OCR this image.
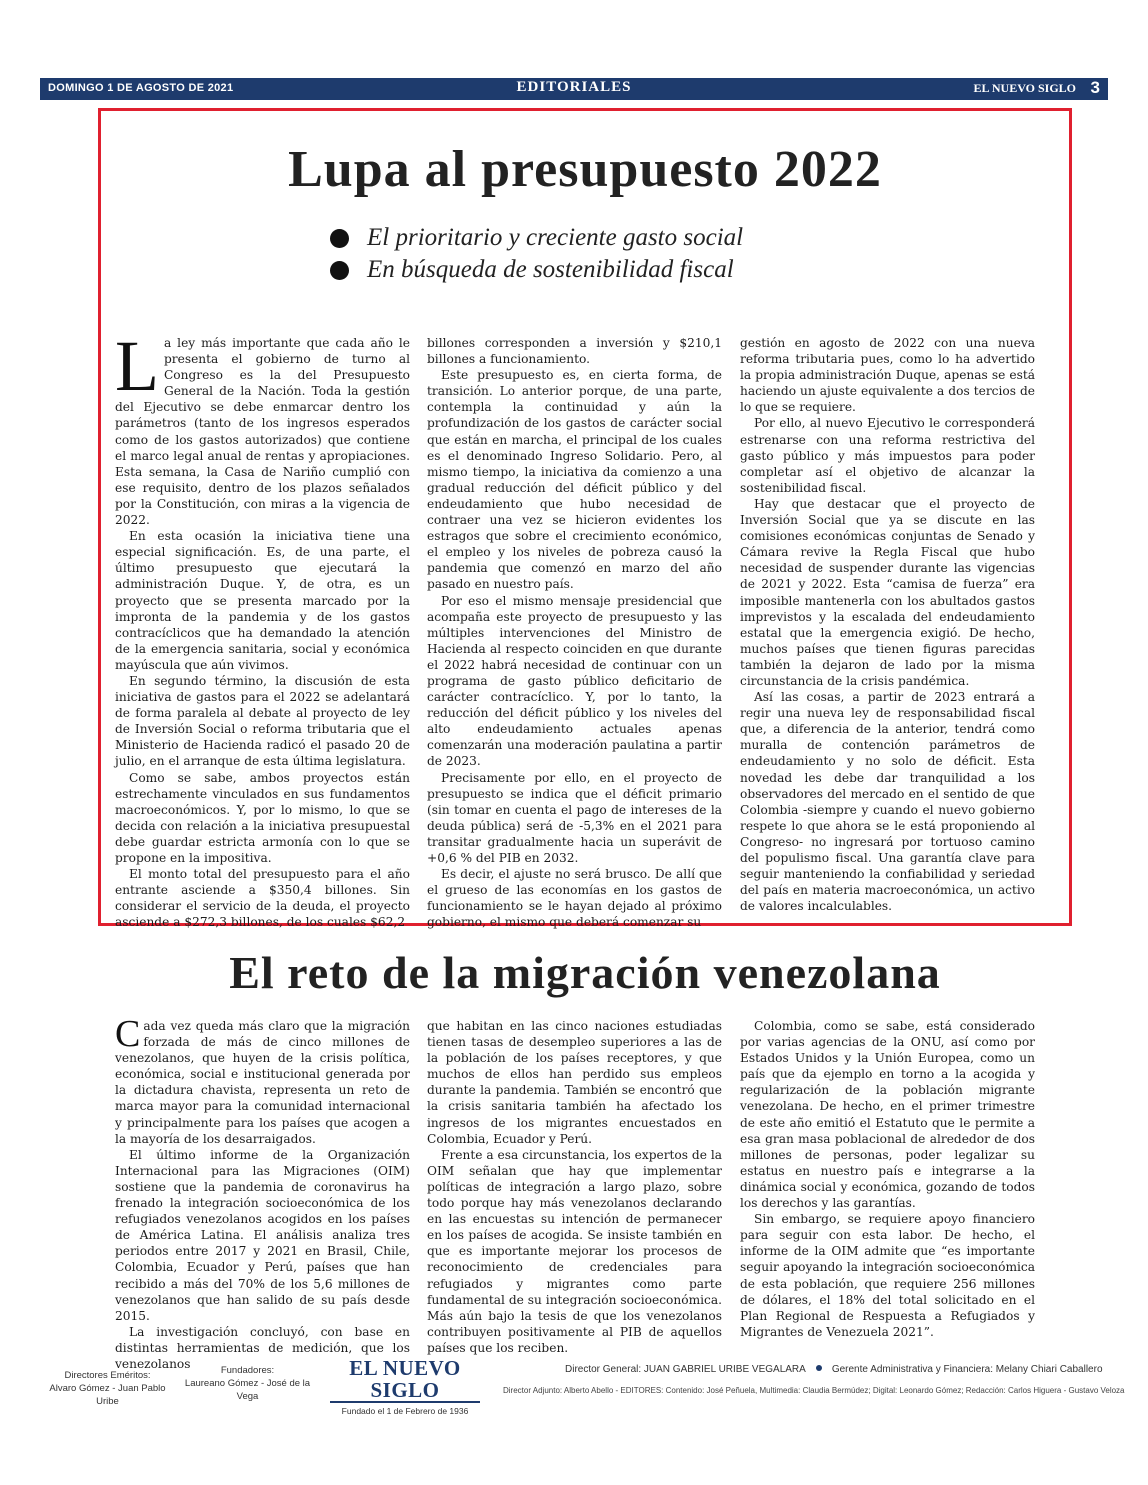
DOMINGO 1 DE AGOSTO DE 2021	EDITORIALES	EL NUEVO SIGLO 3
Lupa al presupuesto 2022
El prioritario y creciente gasto social
En búsqueda de sostenibilidad fiscal

La ley más importante que cada año le presenta el gobierno de turno al Congreso es la del Presupuesto General de la Nación. Toda la gestión del Ejecutivo se debe enmarcar dentro los parámetros (tanto de los ingresos esperados como de los gastos autorizados) que contiene el marco legal anual de rentas y apropiaciones. Esta semana, la Casa de Nariño cumplió con ese requisito, dentro de los plazos señalados por la Constitución, con miras a la vigencia de 2022.

En esta ocasión la iniciativa tiene una especial significación. Es, de una parte, el último presupuesto que ejecutará la administración Duque. Y, de otra, es un proyecto que se presenta marcado por la impronta de la pandemia y de los gastos contracíclicos que ha demandado la atención de la emergencia sanitaria, social y económica mayúscula que aún vivimos.

En segundo término, la discusión de esta iniciativa de gastos para el 2022 se adelantará de forma paralela al debate al proyecto de ley de Inversión Social o reforma tributaria que el Ministerio de Hacienda radicó el pasado 20 de julio, en el arranque de esta última legislatura.

Como se sabe, ambos proyectos están estrechamente vinculados en sus fundamentos macroeconómicos. Y, por lo mismo, lo que se decida con relación a la iniciativa presupuestal debe guardar estricta armonía con lo que se propone en la impositiva.

El monto total del presupuesto para el año entrante asciende a $350,4 billones. Sin considerar el servicio de la deuda, el proyecto asciende a $272,3 billones, de los cuales $62,2

billones corresponden a inversión y $210,1 billones a funcionamiento.

Este presupuesto es, en cierta forma, de transición. Lo anterior porque, de una parte, contempla la continuidad y aún la profundización de los gastos de carácter social que están en marcha, el principal de los cuales es el denominado Ingreso Solidario. Pero, al mismo tiempo, la iniciativa da comienzo a una gradual reducción del déficit público y del endeudamiento que hubo necesidad de contraer una vez se hicieron evidentes los estragos que sobre el crecimiento económico, el empleo y los niveles de pobreza causó la pandemia que comenzó en marzo del año pasado en nuestro país.

Por eso el mismo mensaje presidencial que acompaña este proyecto de presupuesto y las múltiples intervenciones del Ministro de Hacienda al respecto coinciden en que durante el 2022 habrá necesidad de continuar con un programa de gasto público deficitario de carácter contracíclico. Y, por lo tanto, la reducción del déficit público y los niveles del alto endeudamiento actuales apenas comenzarán una moderación paulatina a partir de 2023.

Precisamente por ello, en el proyecto de presupuesto se indica que el déficit primario (sin tomar en cuenta el pago de intereses de la deuda pública) será de -5,3% en el 2021 para transitar gradualmente hacia un superávit de +0,6 % del PIB en 2032.

Es decir, el ajuste no será brusco. De allí que el grueso de las economías en los gastos de funcionamiento se le hayan dejado al próximo gobierno, el mismo que deberá comenzar su

gestión en agosto de 2022 con una nueva reforma tributaria pues, como lo ha advertido la propia administración Duque, apenas se está haciendo un ajuste equivalente a dos tercios de lo que se requiere.

Por ello, al nuevo Ejecutivo le corresponderá estrenarse con una reforma restrictiva del gasto público y más impuestos para poder completar así el objetivo de alcanzar la sostenibilidad fiscal.

Hay que destacar que el proyecto de Inversión Social que ya se discute en las comisiones económicas conjuntas de Senado y Cámara revive la Regla Fiscal que hubo necesidad de suspender durante las vigencias de 2021 y 2022. Esta “camisa de fuerza” era imposible mantenerla con los abultados gastos imprevistos y la escalada del endeudamiento estatal que la emergencia exigió. De hecho, muchos países que tienen figuras parecidas también la dejaron de lado por la misma circunstancia de la crisis pandémica.

Así las cosas, a partir de 2023 entrará a regir una nueva ley de responsabilidad fiscal que, a diferencia de la anterior, tendrá como muralla de contención parámetros de endeudamiento y no solo de déficit. Esta novedad les debe dar tranquilidad a los observadores del mercado en el sentido de que Colombia -siempre y cuando el nuevo gobierno respete lo que ahora se le está proponiendo al Congreso- no ingresará por tortuoso camino del populismo fiscal. Una garantía clave para seguir manteniendo la confiabilidad y seriedad del país en materia macroeconómica, un activo de valores incalculables.

El reto de la migración venezolana

Cada vez queda más claro que la migración forzada de más de cinco millones de venezolanos, que huyen de la crisis política, económica, social e institucional generada por la dictadura chavista, representa un reto de marca mayor para la comunidad internacional y principalmente para los países que acogen a la mayoría de los desarraigados.

El último informe de la Organización Internacional para las Migraciones (OIM) sostiene que la pandemia de coronavirus ha frenado la integración socioeconómica de los refugiados venezolanos acogidos en los países de América Latina. El análisis analiza tres periodos entre 2017 y 2021 en Brasil, Chile, Colombia, Ecuador y Perú, países que han recibido a más del 70% de los 5,6 millones de venezolanos que han salido de su país desde 2015.

La investigación concluyó, con base en distintas herramientas de medición, que los venezolanos

que habitan en las cinco naciones estudiadas tienen tasas de desempleo superiores a las de la población de los países receptores, y que muchos de ellos han perdido sus empleos durante la pandemia. También se encontró que la crisis sanitaria también ha afectado los ingresos de los migrantes encuestados en Colombia, Ecuador y Perú.

Frente a esa circunstancia, los expertos de la OIM señalan que hay que implementar políticas de integración a largo plazo, sobre todo porque hay más venezolanos declarando en las encuestas su intención de permanecer en los países de acogida. Se insiste también en que es importante mejorar los procesos de reconocimiento de credenciales para refugiados y migrantes como parte fundamental de su integración socioeconómica. Más aún bajo la tesis de que los venezolanos contribuyen positivamente al PIB de aquellos países que los reciben.

Colombia, como se sabe, está considerado por varias agencias de la ONU, así como por Estados Unidos y la Unión Europea, como un país que da ejemplo en torno a la acogida y regularización de la población migrante venezolana. De hecho, en el primer trimestre de este año emitió el Estatuto que le permite a esa gran masa poblacional de alrededor de dos millones de personas, poder legalizar su estatus en nuestro país e integrarse a la dinámica social y económica, gozando de todos los derechos y las garantías.

Sin embargo, se requiere apoyo financiero para seguir con esta labor. De hecho, el informe de la OIM admite que “es importante seguir apoyando la integración socioeconómica de esta población, que requiere 256 millones de dólares, el 18% del total solicitado en el Plan Regional de Respuesta a Refugiados y Migrantes de Venezuela 2021”.

Directores Eméritos:
Alvaro Gómez - Juan Pablo Uribe
Fundadores:
Laureano Gómez - José de la Vega
EL NUEVO SIGLO
Fundado el 1 de Febrero de 1936
Director General: JUAN GABRIEL URIBE VEGALARA	Gerente Administrativa y Financiera: Melany Chiari Caballero
Director Adjunto: Alberto Abello - EDITORES: Contenido: José Peñuela, Multimedia: Claudia Bermúdez; Digital: Leonardo Gómez; Redacción: Carlos Higuera - Gustavo Veloza
